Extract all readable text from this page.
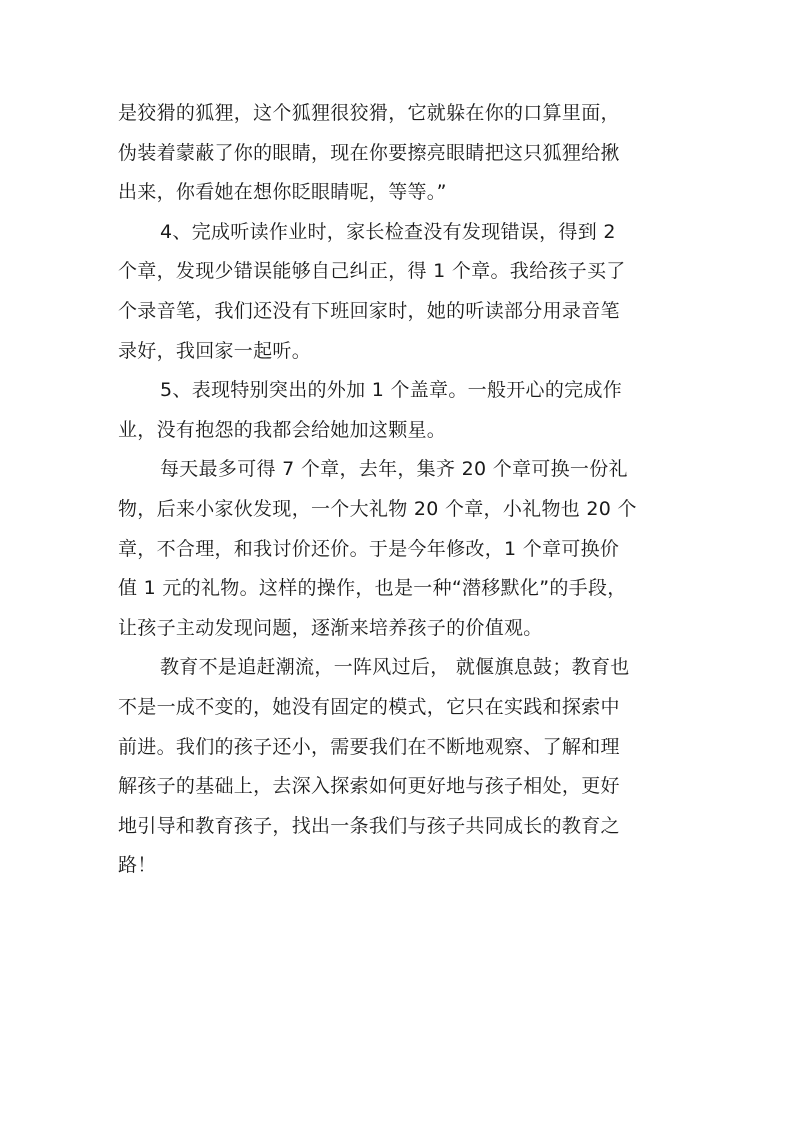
是狡猾的狐狸，这个狐狸很狡猾，它就躲在你的口算里面，
伪装着蒙蔽了你的眼睛，现在你要擦亮眼睛把这只狐狸给揪
出来，你看她在想你眨眼睛呢，等等。”

4、完成听读作业时，家长检查没有发现错误，得到 2
个章，发现少错误能够自己纠正，得 1 个章。我给孩子买了
个录音笔，我们还没有下班回家时，她的听读部分用录音笔
录好，我回家一起听。

5、表现特别突出的外加 1 个盖章。一般开心的完成作
业，没有抱怨的我都会给她加这颗星。

每天最多可得 7 个章，去年，集齐 20 个章可换一份礼
物，后来小家伙发现，一个大礼物 20 个章，小礼物也 20 个
章，不合理，和我讨价还价。于是今年修改，1 个章可换价
值 1 元的礼物。这样的操作，也是一种“潜移默化”的手段，
让孩子主动发现问题，逐渐来培养孩子的价值观。

教育不是追赶潮流，一阵风过后， 就偃旗息鼓；教育也
不是一成不变的，她没有固定的模式，它只在实践和探索中
前进。我们的孩子还小，需要我们在不断地观察、了解和理
解孩子的基础上，去深入探索如何更好地与孩子相处，更好
地引导和教育孩子，找出一条我们与孩子共同成长的教育之
路！
